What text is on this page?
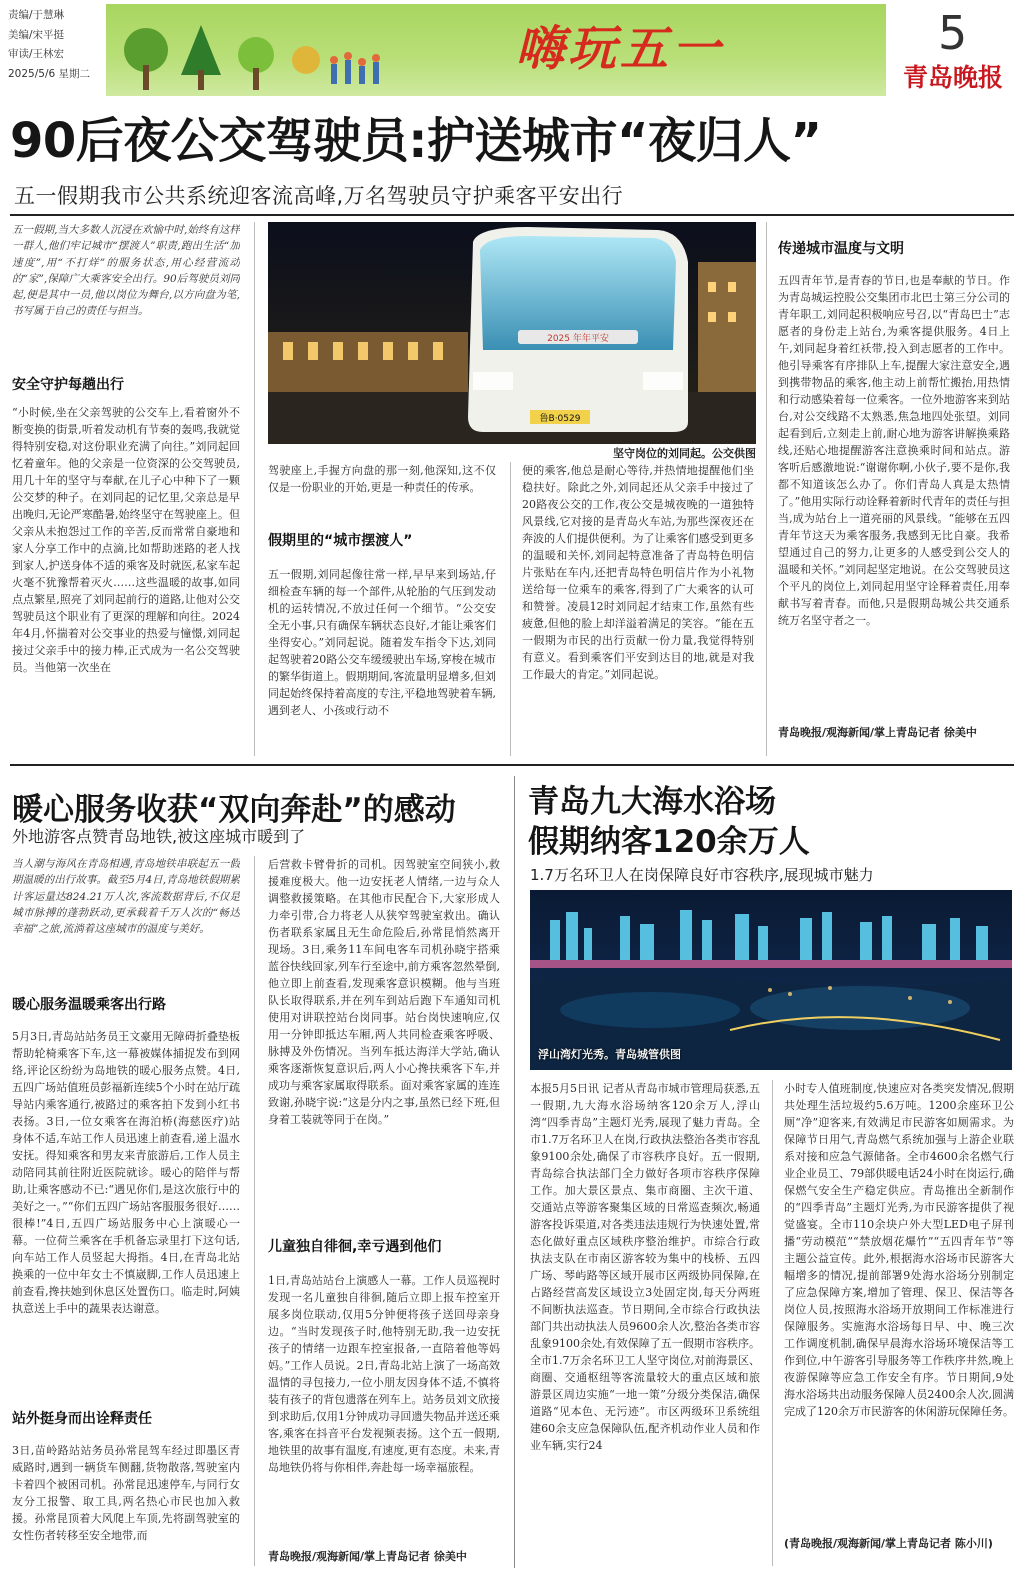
责编/于慧琳
美编/宋平挺
审读/王林宏
2025/5/6 星期二	嗨玩五一	5
青岛晚报
90后夜公交驾驶员:护送城市“夜归人”
五一假期我市公共系统迎客流高峰,万名驾驶员守护乘客平安出行
五一假期,当大多数人沉浸在欢愉中时,始终有这样一群人,他们牢记城市“摆渡人”职责,跑出生活“加速度”,用“不打烊”的服务状态,用心经营流动的“家”,保障广大乘客安全出行。90后驾驶员刘同起,便是其中一员,他以岗位为舞台,以方向盘为笔,书写属于自己的责任与担当。
安全守护每趟出行
“小时候,坐在父亲驾驶的公交车上,看着窗外不断变换的街景,听着发动机有节奏的轰鸣,我就觉得特别安稳,对这份职业充满了向往。”刘同起回忆着童年。他的父亲是一位资深的公交驾驶员,用几十年的坚守与奉献,在儿子心中种下了一颗公交梦的种子。在刘同起的记忆里,父亲总是早出晚归,无论严寒酷暑,始终坚守在驾驶座上。但父亲从未抱怨过工作的辛苦,反而常常自豪地和家人分享工作中的点滴,比如帮助迷路的老人找到家人,护送身体不适的乘客及时就医,私家车起火毫不犹豫帮着灭火……这些温暖的故事,如同点点繁星,照亮了刘同起前行的道路,让他对公交驾驶员这个职业有了更深的理解和向往。2024年4月,怀揣着对公交事业的热爱与憧憬,刘同起接过父亲手中的接力棒,正式成为一名公交驾驶员。当他第一次坐在
2025 年年平安
鲁B·0529
坚守岗位的刘同起。公交供图
驾驶座上,手握方向盘的那一刻,他深知,这不仅仅是一份职业的开始,更是一种责任的传承。
假期里的“城市摆渡人”
五一假期,刘同起像往常一样,早早来到场站,仔细检查车辆的每一个部件,从轮胎的气压到发动机的运转情况,不放过任何一个细节。“公交安全无小事,只有确保车辆状态良好,才能让乘客们坐得安心。”刘同起说。随着发车指令下达,刘同起驾驶着20路公交车缓缓驶出车场,穿梭在城市的繁华街道上。假期期间,客流量明显增多,但刘同起始终保持着高度的专注,平稳地驾驶着车辆,遇到老人、小孩或行动不
便的乘客,他总是耐心等待,并热情地提醒他们坐稳扶好。除此之外,刘同起还从父亲手中接过了20路夜公交的工作,夜公交是城夜晚的一道独特风景线,它对接的是青岛火车站,为那些深夜还在奔波的人们提供便利。为了让乘客们感受到更多的温暖和关怀,刘同起特意准备了青岛特色明信片张贴在车内,还把青岛特色明信片作为小礼物送给每一位乘车的乘客,得到了广大乘客的认可和赞誉。凌晨12时刘同起才结束工作,虽然有些疲惫,但他的脸上却洋溢着满足的笑容。“能在五一假期为市民的出行贡献一份力量,我觉得特别有意义。看到乘客们平安到达目的地,就是对我工作最大的肯定。”刘同起说。
传递城市温度与文明
五四青年节,是青春的节日,也是奉献的节日。作为青岛城运控股公交集团市北巴士第三分公司的青年职工,刘同起积极响应号召,以“青岛巴士”志愿者的身份走上站台,为乘客提供服务。4日上午,刘同起身着红袄带,投入到志愿者的工作中。他引导乘客有序排队上车,提醒大家注意安全,遇到携带物品的乘客,他主动上前帮忙搬抬,用热情和行动感染着每一位乘客。一位外地游客来到站台,对公交线路不太熟悉,焦急地四处张望。刘同起看到后,立刻走上前,耐心地为游客讲解换乘路线,还贴心地提醒游客注意换乘时间和站点。游客听后感激地说:“谢谢你啊,小伙子,要不是你,我都不知道该怎么办了。你们青岛人真是太热情了。”他用实际行动诠释着新时代青年的责任与担当,成为站台上一道亮丽的风景线。“能够在五四青年节这天为乘客服务,我感到无比自豪。我希望通过自己的努力,让更多的人感受到公交人的温暖和关怀。”刘同起坚定地说。在公交驾驶员这个平凡的岗位上,刘同起用坚守诠释着责任,用奉献书写着青春。而他,只是假期岛城公共交通系统万名坚守者之一。
青岛晚报/观海新闻/掌上青岛记者 徐美中
暖心服务收获“双向奔赴”的感动
外地游客点赞青岛地铁,被这座城市暖到了
当人潮与海风在青岛相遇,青岛地铁串联起五一假期温暖的出行故事。截至5月4日,青岛地铁假期累计客运量达824.21万人次,客流数据背后,不仅是城市脉搏的蓬勃跃动,更承载着千万人次的“畅达幸福”之旅,流淌着这座城市的温度与美好。
暖心服务温暖乘客出行路
5月3日,青岛站站务员王文豪用无障碍折叠垫板帮助轮椅乘客下车,这一幕被媒体捕捉发布到网络,评论区纷纷为岛地铁的暖心服务点赞。4日,五四广场站值班员彭福新连续5个小时在站厅疏导站内乘客通行,被路过的乘客拍下发到小红书表扬。3日,一位女乘客在海泊桥(海慈医疗)站身体不适,车站工作人员迅速上前查看,递上温水安抚。得知乘客和男友来青旅游后,工作人员主动陪同其前往附近医院就诊。暖心的陪伴与帮助,让乘客感动不已:“遇见你们,是这次旅行中的美好之一。”“你们五四广场站客服服务很好……很棒!”4日,五四广场站服务中心上演暖心一幕。一位荷兰乘客在手机备忘录里打下这句话,向车站工作人员竖起大拇指。4日,在青岛北站换乘的一位中年女士不慎崴脚,工作人员迅速上前查看,搀扶她到休息区处置伤口。临走时,阿姨执意送上手中的蔬果表达谢意。
站外挺身而出诠释责任
3日,苗岭路站站务员孙常昆驾车经过即墨区青威路时,遇到一辆货车侧翻,货物散落,驾驶室内卡着四个被困司机。孙常昆迅速停车,与同行女友分工报警、取工具,两名热心市民也加入救援。孙常昆顶着大风爬上车顶,先将副驾驶室的女性伤者转移至安全地带,而
后营救卡臂骨折的司机。因驾驶室空间狭小,救援难度极大。他一边安抚老人情绪,一边与众人调整救援策略。在其他市民配合下,大家形成人力牵引带,合力将老人从狭窄驾驶室救出。确认伤者联系家属且无生命危险后,孙常昆悄然离开现场。3日,乘务11车间电客车司机孙晓宇搭乘蓝谷快线回家,列车行至途中,前方乘客忽然晕倒,他立即上前查看,发现乘客意识模糊。他与当班队长取得联系,并在列车到站后跑下车通知司机使用对讲联控站台岗同事。站台岗快速响应,仅用一分钟即抵达车厢,两人共同检查乘客呼吸、脉搏及外伤情况。当列车抵达海洋大学站,确认乘客逐渐恢复意识后,两人小心搀扶乘客下车,并成功与乘客家属取得联系。面对乘客家属的连连致谢,孙晓宇说:“这是分内之事,虽然已经下班,但身着工装就等同于在岗。”
儿童独自徘徊,幸亏遇到他们
1日,青岛站站台上演感人一幕。工作人员巡视时发现一名儿童独自徘徊,随后立即上报车控室开展多岗位联动,仅用5分钟便将孩子送回母亲身边。“当时发现孩子时,他特别无助,我一边安抚孩子的情绪一边跟车控室报备,一直陪着他等妈妈。”工作人员说。2日,青岛北站上演了一场高效温情的寻包接力,一位小朋友因身体不适,不慎将装有孩子的背包遗落在列车上。站务员刘文欣接到求助后,仅用1分钟成功寻回遗失物品并送还乘客,乘客在抖音平台发视频表扬。这个五一假期,地铁里的故事有温度,有速度,更有态度。未来,青岛地铁仍将与你相伴,奔赴每一场幸福旅程。
青岛晚报/观海新闻/掌上青岛记者 徐美中
青岛九大海水浴场
假期纳客120余万人
1.7万名环卫人在岗保障良好市容秩序,展现城市魅力
浮山湾灯光秀。青岛城管供图
本报5月5日讯 记者从青岛市城市管理局获悉,五一假期,九大海水浴场纳客120余万人,浮山湾“四季青岛”主题灯光秀,展现了魅力青岛。全市1.7万名环卫人在岗,行政执法整治各类市容乱象9100余处,确保了市容秩序良好。五一假期,青岛综合执法部门全力做好各项市容秩序保障工作。加大景区景点、集市商圈、主次干道、交通站点等游客聚集区域的日常巡查频次,畅通游客投诉渠道,对各类违法违规行为快速处置,常态化做好重点区域秩序整治维护。市综合行政执法支队在市南区游客较为集中的栈桥、五四广场、琴屿路等区域开展市区两级协同保障,在占路经营高发区域设立3处固定岗,每天分两班不间断执法巡查。节日期间,全市综合行政执法部门共出动执法人员9600余人次,整治各类市容乱象9100余处,有效保障了五一假期市容秩序。全市1.7万余名环卫工人坚守岗位,对前海景区、商圈、交通枢纽等客流量较大的重点区域和旅游景区周边实施“一地一策”分级分类保洁,确保道路“见本色、无污迹”。市区两级环卫系统组建60余支应急保障队伍,配齐机动作业人员和作业车辆,实行24
小时专人值班制度,快速应对各类突发情况,假期共处理生活垃圾约5.6万吨。1200余座环卫公厕“净”迎客来,有效满足市民游客如厕需求。为保障节日用气,青岛燃气系统加强与上游企业联系对接和应急气源储备。全市4600余名燃气行业企业员工、79部供暖电话24小时在岗运行,确保燃气安全生产稳定供应。青岛推出全新制作的“四季青岛”主题灯光秀,为市民游客提供了视觉盛宴。全市110余块户外大型LED电子屏刊播“劳动模范”“禁放烟花爆竹”“五四青年节”等主题公益宣传。此外,根据海水浴场市民游客大幅增多的情况,提前部署9处海水浴场分别制定了应急保障方案,增加了管理、保卫、保洁等各岗位人员,按照海水浴场开放期间工作标准进行保障服务。实施海水浴场每日早、中、晚三次工作调度机制,确保早晨海水浴场环境保洁等工作到位,中午游客引导服务等工作秩序井然,晚上夜游保障等应急工作安全有序。节日期间,9处海水浴场共出动服务保障人员2400余人次,圆满完成了120余万市民游客的休闲游玩保障任务。
(青岛晚报/观海新闻/掌上青岛记者 陈小川)
